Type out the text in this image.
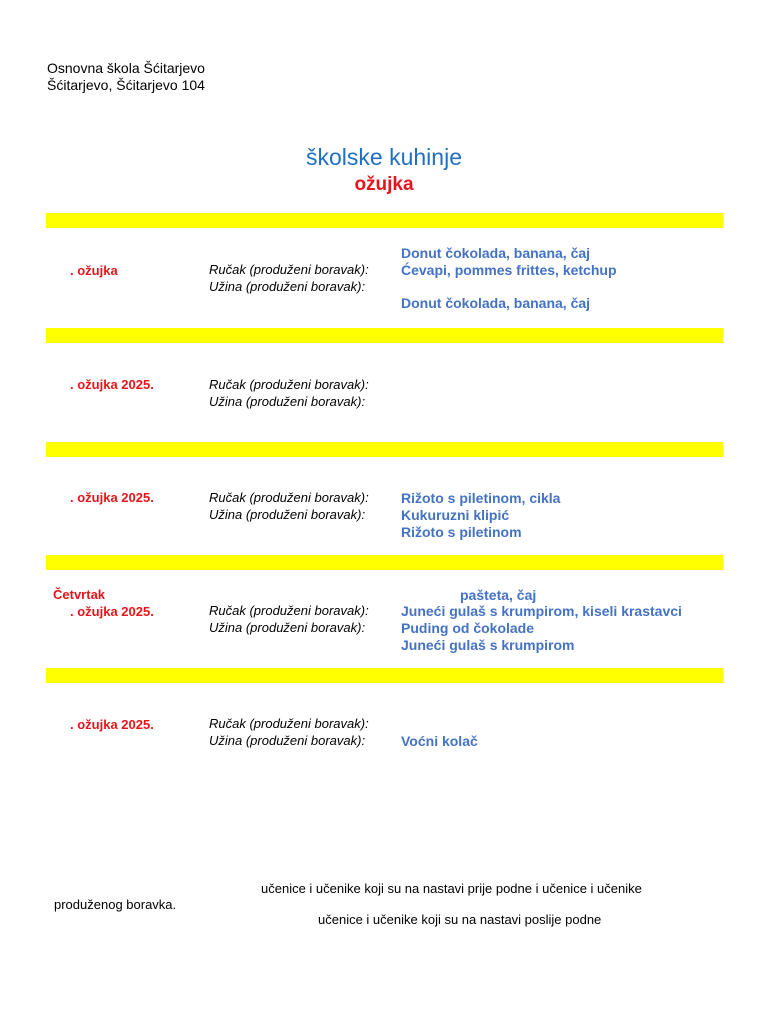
Osnovna škola Šćitarjevo
Šćitarjevo, Šćitarjevo 104
školske kuhinje
ožujka
Donut čokolada, banana, čaj
. ožujka	Ručak (produženi boravak): Ćevapi, pommes frittes, ketchup
Užina (produženi boravak):
Donut čokolada, banana, čaj
. ožujka 2025.	Ručak (produženi boravak):
Užina (produženi boravak):
. ožujka 2025.	Ručak (produženi boravak): Rižoto s piletinom, cikla
Užina (produženi boravak):	Kukuruzni klipić
Rižoto s piletinom
Četvrtak	pašteta, čaj
. ožujka 2025.	Ručak (produženi boravak): Juneći gulaš s krumpirom, kiseli krastavci
Užina (produženi boravak):	Puding od čokolade
Juneći gulaš s krumpirom
. ožujka 2025.	Ručak (produženi boravak):
Užina (produženi boravak):	Voćni kolač
učenice i učenike koji su na nastavi prije podne i učenice i učenike
produženog boravka.
učenice i učenike koji su na nastavi poslije podne
